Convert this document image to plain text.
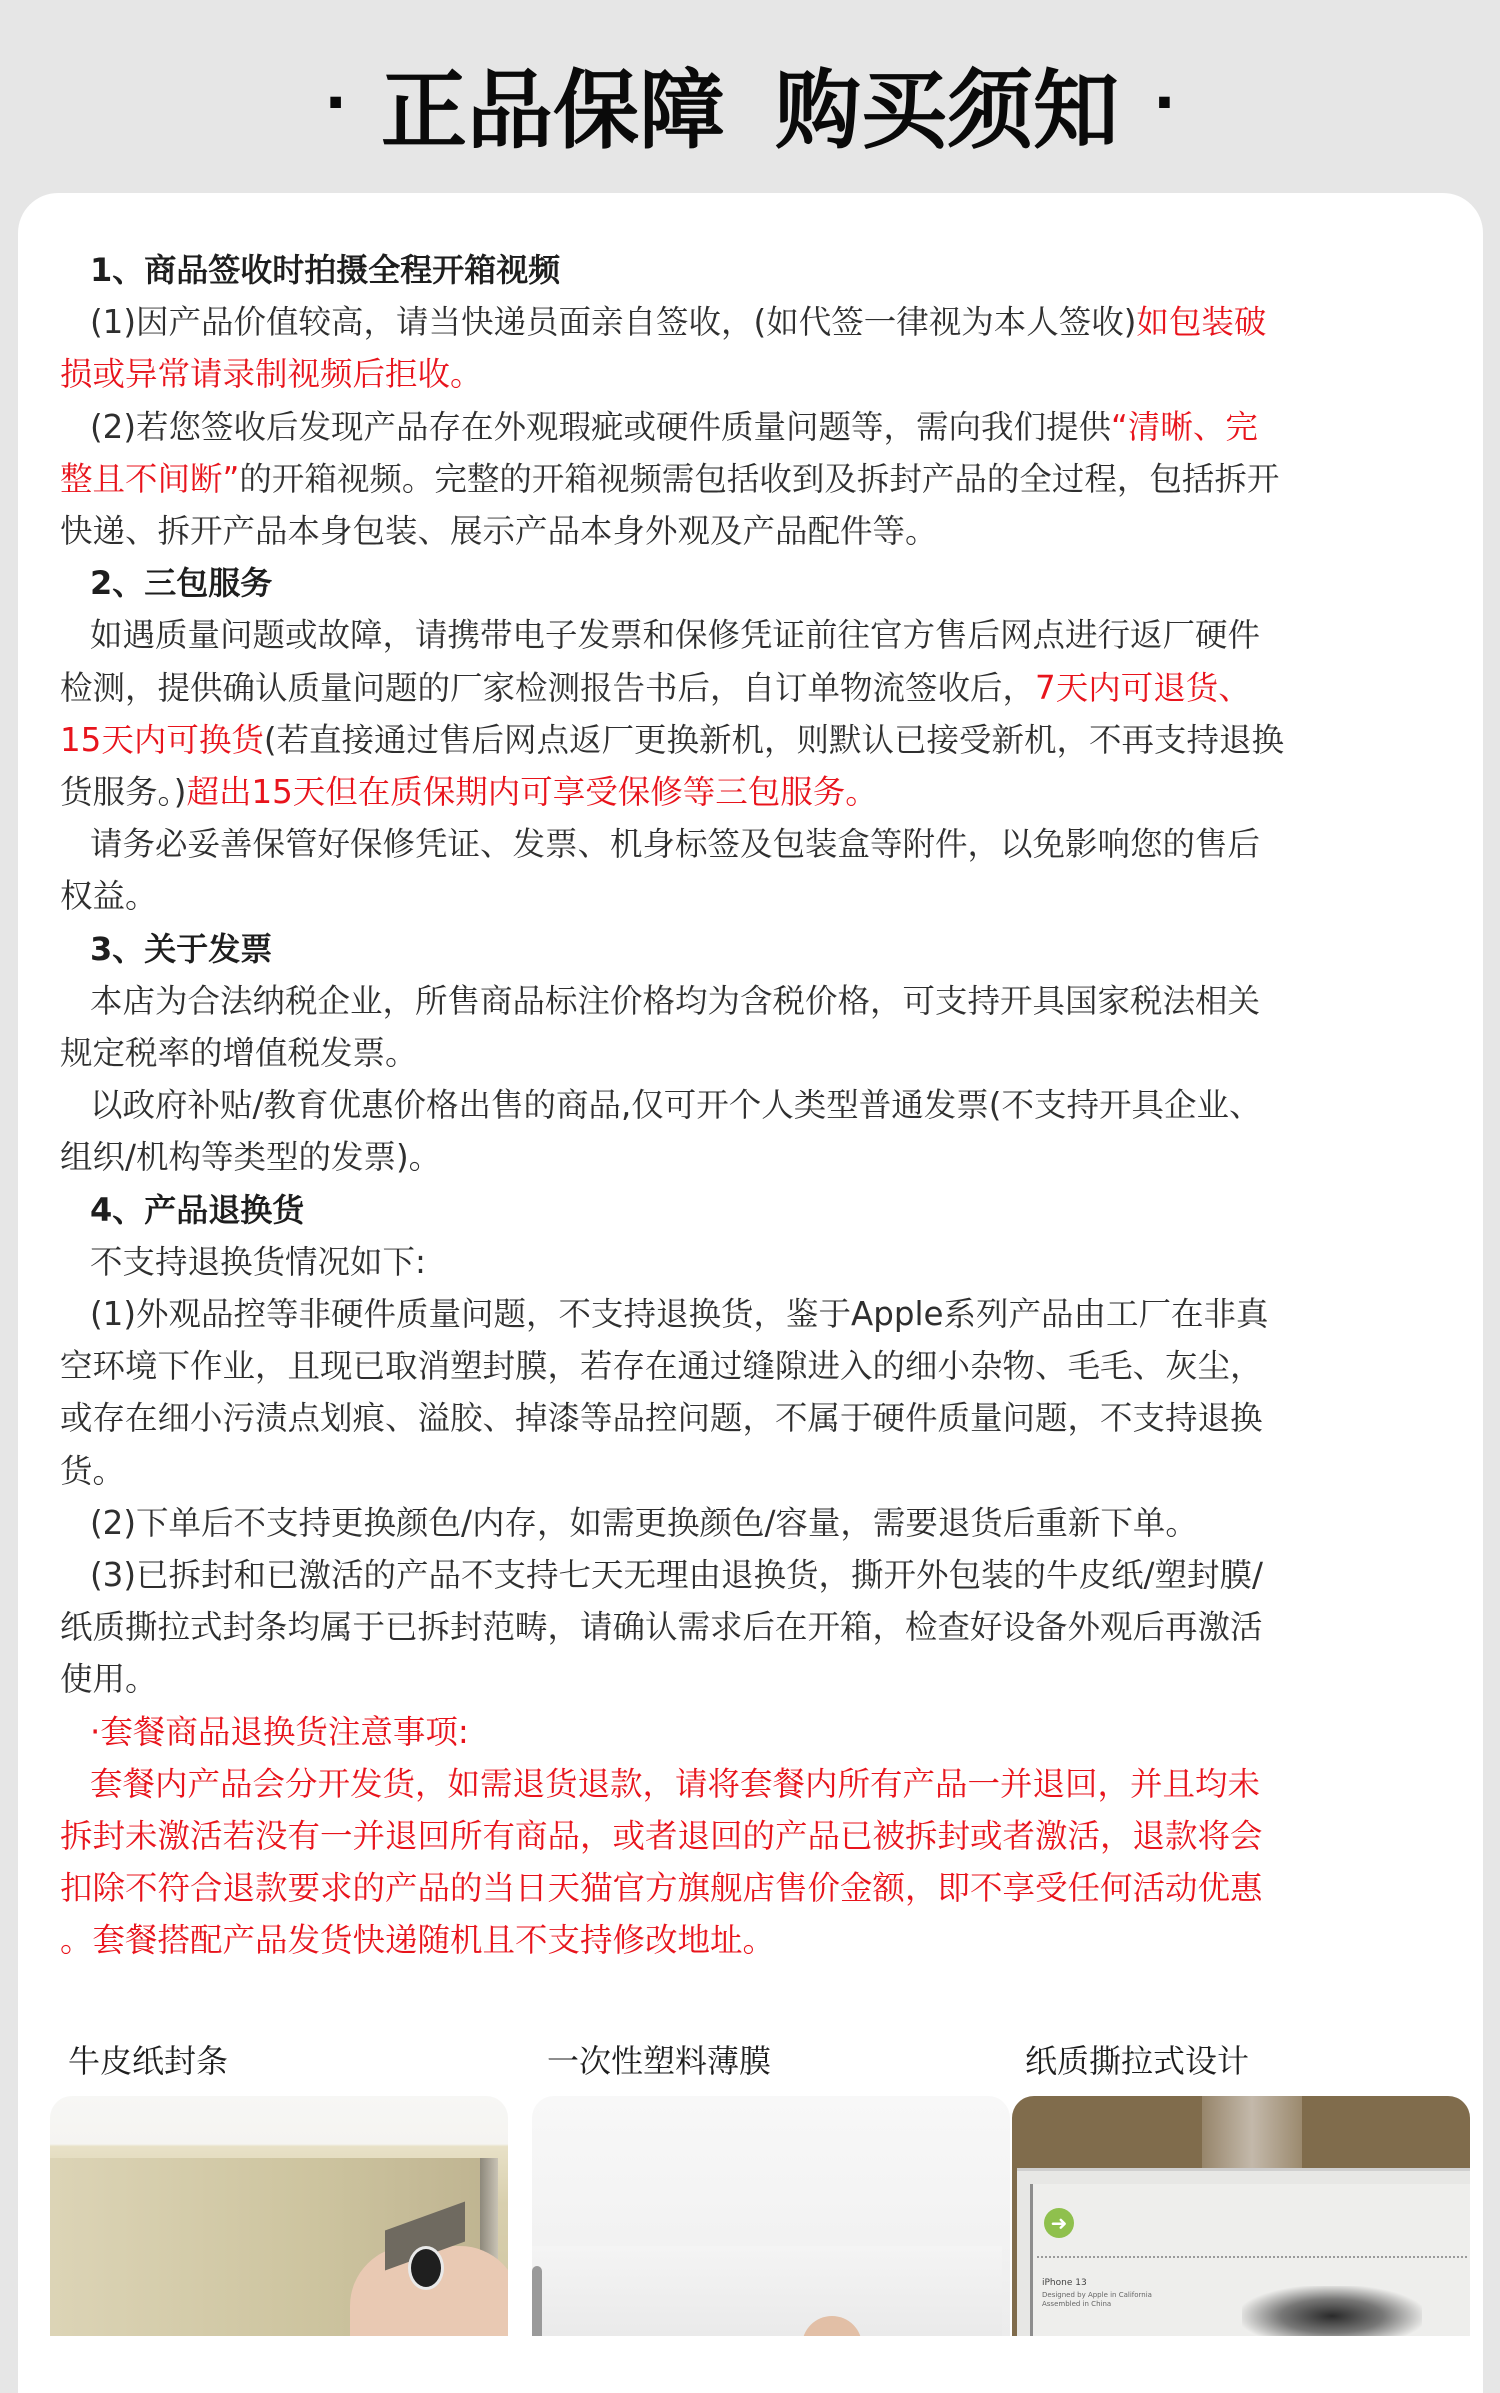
· 正品保障 购买须知 ·
1、商品签收时拍摄全程开箱视频
(1)因产品价值较高，请当快递员面亲自签收，(如代签一律视为本人签收)如包装破
损或异常请录制视频后拒收。
(2)若您签收后发现产品存在外观瑕疵或硬件质量问题等，需向我们提供“清晰、完
整且不间断”的开箱视频。完整的开箱视频需包括收到及拆封产品的全过程，包括拆开
快递、拆开产品本身包装、展示产品本身外观及产品配件等。
2、三包服务
如遇质量问题或故障，请携带电子发票和保修凭证前往官方售后网点进行返厂硬件
检测，提供确认质量问题的厂家检测报告书后，自订单物流签收后，7天内可退货、
15天内可换货(若直接通过售后网点返厂更换新机，则默认已接受新机，不再支持退换
货服务。)超出15天但在质保期内可享受保修等三包服务。
请务必妥善保管好保修凭证、发票、机身标签及包装盒等附件，以免影响您的售后
权益。
3、关于发票
本店为合法纳税企业，所售商品标注价格均为含税价格，可支持开具国家税法相关
规定税率的增值税发票。
以政府补贴/教育优惠价格出售的商品,仅可开个人类型普通发票(不支持开具企业、
组织/机构等类型的发票)。
4、产品退换货
不支持退换货情况如下:
(1)外观品控等非硬件质量问题，不支持退换货，鉴于Apple系列产品由工厂在非真
空环境下作业，且现已取消塑封膜，若存在通过缝隙进入的细小杂物、毛毛、灰尘，
或存在细小污渍点划痕、溢胶、掉漆等品控问题，不属于硬件质量问题，不支持退换
货。
(2)下单后不支持更换颜色/内存，如需更换颜色/容量，需要退货后重新下单。
(3)已拆封和已激活的产品不支持七天无理由退换货，撕开外包装的牛皮纸/塑封膜/
纸质撕拉式封条均属于已拆封范畴，请确认需求后在开箱，检查好设备外观后再激活
使用。
·套餐商品退换货注意事项:
套餐内产品会分开发货，如需退货退款，请将套餐内所有产品一并退回，并且均未
拆封未激活若没有一并退回所有商品，或者退回的产品已被拆封或者激活，退款将会
扣除不符合退款要求的产品的当日天猫官方旗舰店售价金额，即不享受任何活动优惠
。套餐搭配产品发货快递随机且不支持修改地址。
牛皮纸封条	一次性塑料薄膜	纸质撕拉式设计
➜
iPhone 13
Designed by Apple in California
Assembled in China
